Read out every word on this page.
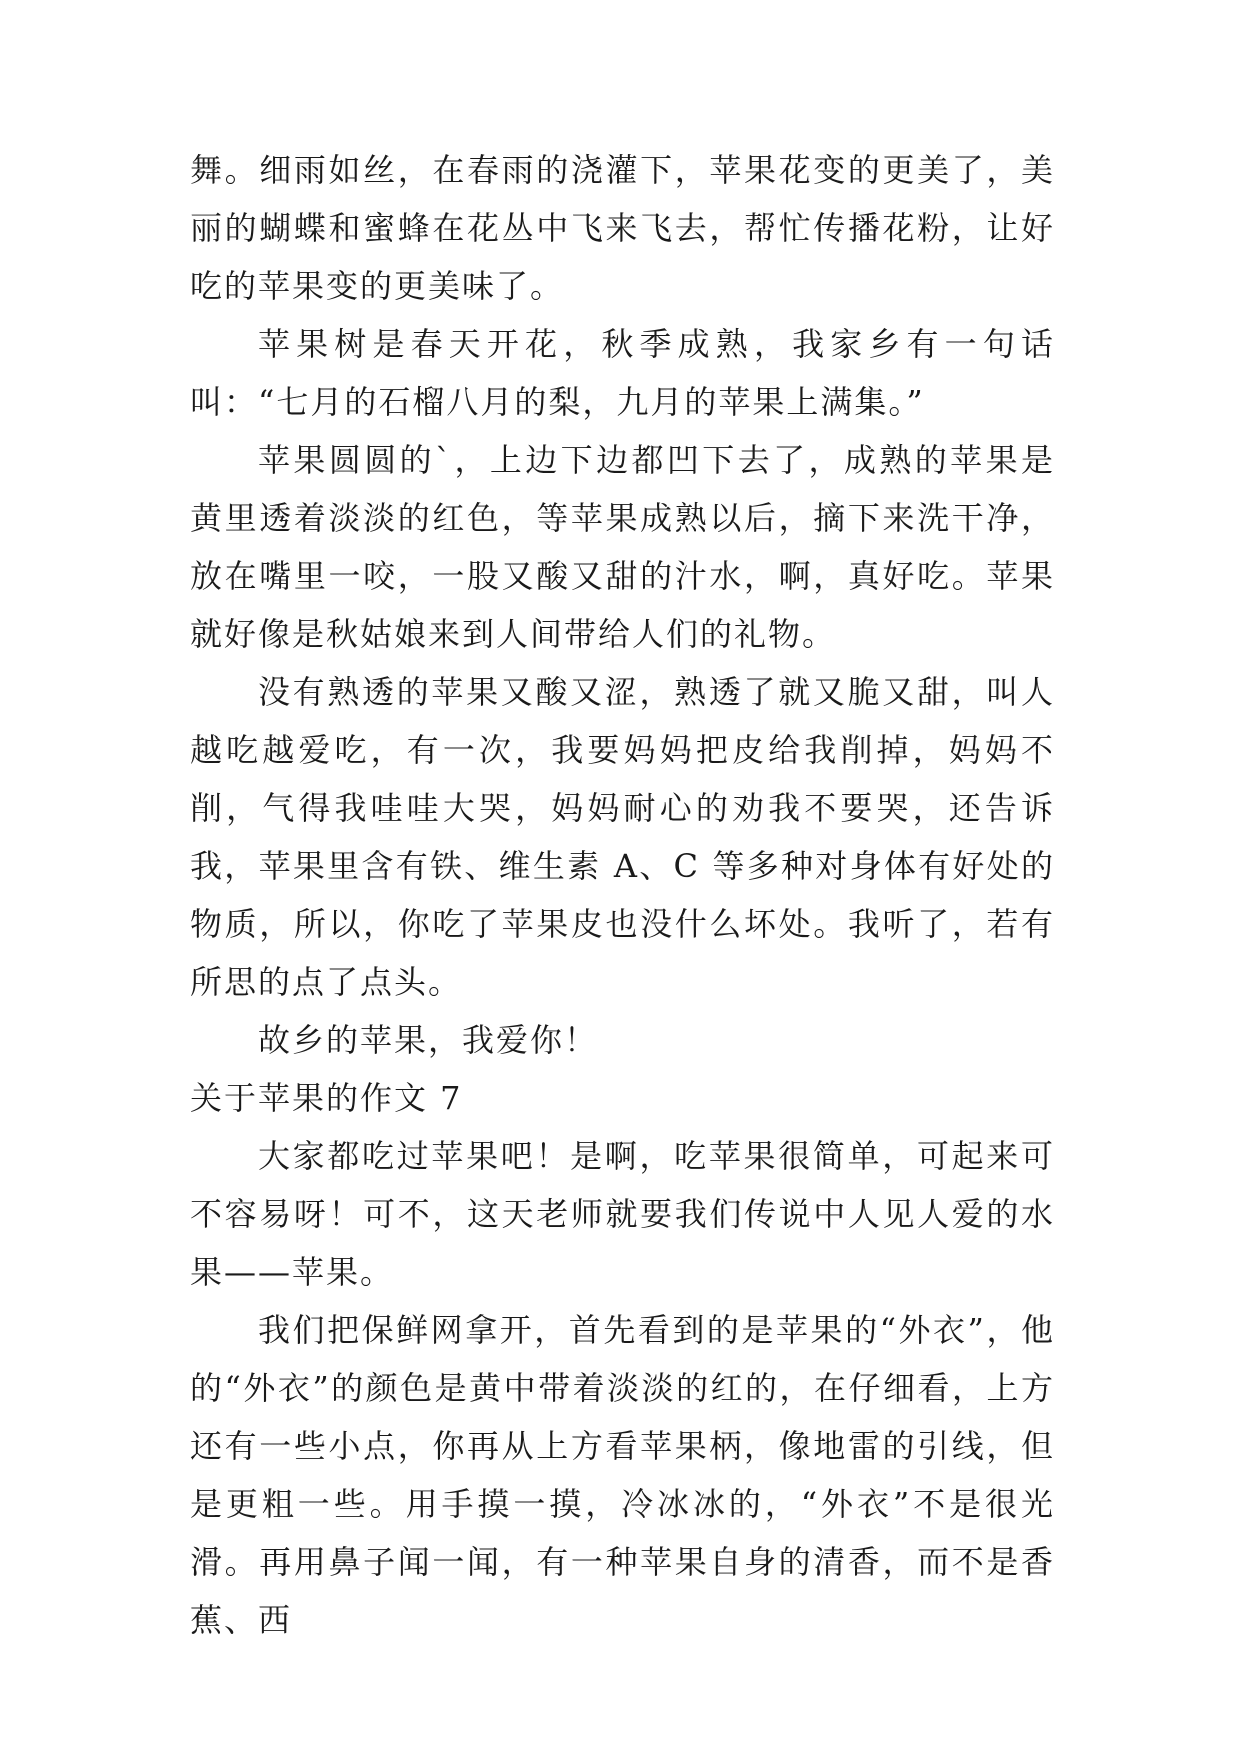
舞。细雨如丝，在春雨的浇灌下，苹果花变的更美了，美丽的蝴蝶和蜜蜂在花丛中飞来飞去，帮忙传播花粉，让好吃的苹果变的更美味了。

苹果树是春天开花，秋季成熟，我家乡有一句话叫：“七月的石榴八月的梨，九月的苹果上满集。”

苹果圆圆的`，上边下边都凹下去了，成熟的苹果是黄里透着淡淡的红色，等苹果成熟以后，摘下来洗干净，放在嘴里一咬，一股又酸又甜的汁水，啊，真好吃。苹果就好像是秋姑娘来到人间带给人们的礼物。

没有熟透的苹果又酸又涩，熟透了就又脆又甜，叫人越吃越爱吃，有一次，我要妈妈把皮给我削掉，妈妈不削，气得我哇哇大哭，妈妈耐心的劝我不要哭，还告诉我，苹果里含有铁、维生素 A、C 等多种对身体有好处的物质，所以，你吃了苹果皮也没什么坏处。我听了，若有所思的点了点头。

故乡的苹果，我爱你！

关于苹果的作文 7

大家都吃过苹果吧！是啊，吃苹果很简单，可起来可不容易呀！可不，这天老师就要我们传说中人见人爱的水果——苹果。

我们把保鲜网拿开，首先看到的是苹果的“外衣”，他的“外衣”的颜色是黄中带着淡淡的红的，在仔细看，上方还有一些小点，你再从上方看苹果柄，像地雷的引线，但是更粗一些。用手摸一摸，冷冰冰的，“外衣”不是很光滑。再用鼻子闻一闻，有一种苹果自身的清香，而不是香蕉、西
